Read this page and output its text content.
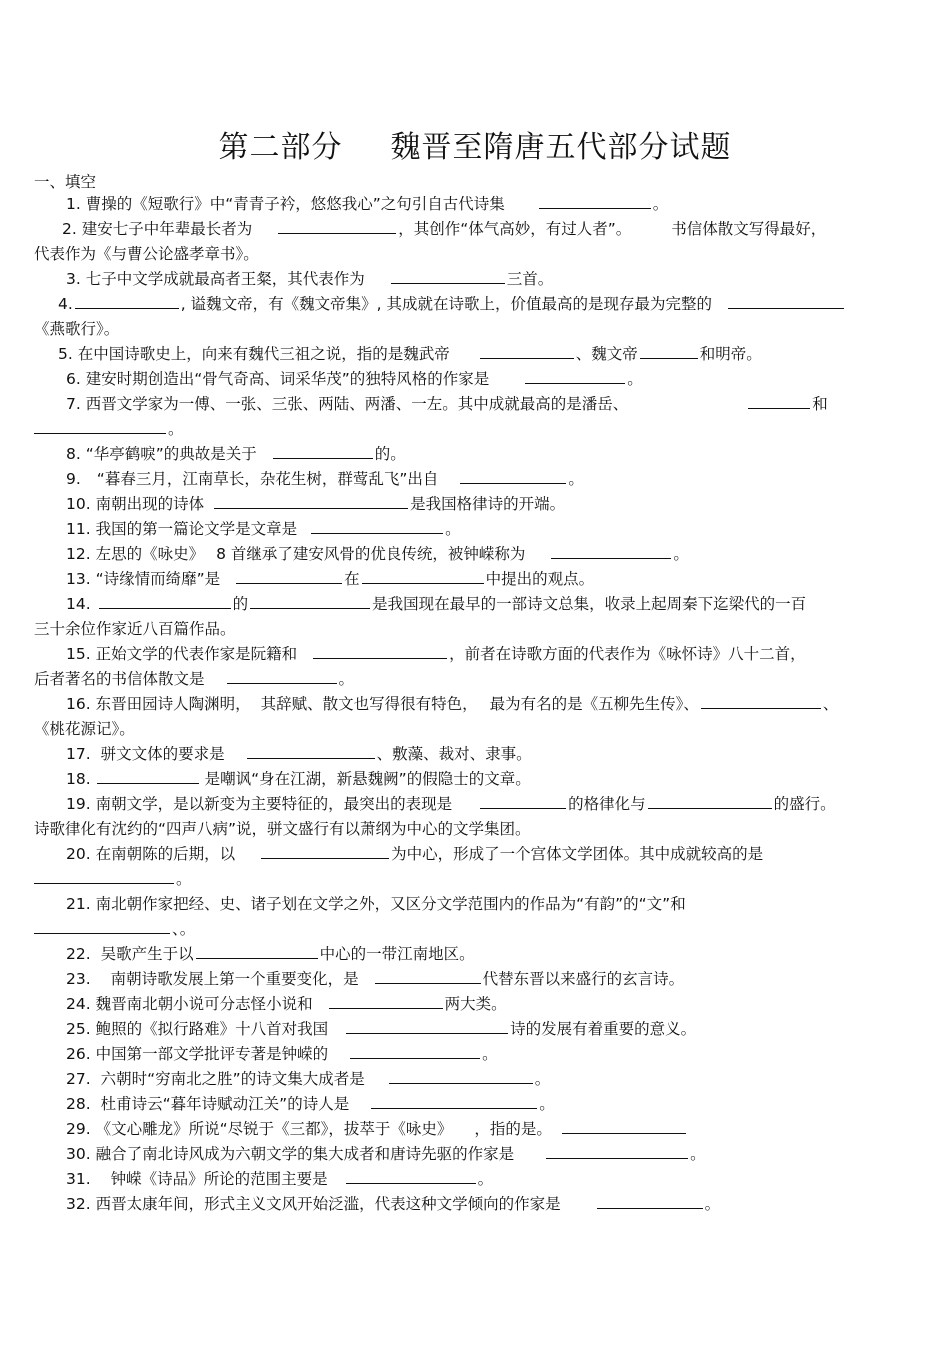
第二部分 魏晋至隋唐五代部分试题
一、填空
1. 曹操的《短歌行》中“青青子衿，悠悠我心”之句引自古代诗集	。
2. 建安七子中年辈最长者为	，其创作“体气高妙，有过人者”。	书信体散文写得最好，
代表作为《与曹公论盛孝章书》。
3. 七子中文学成就最高者王粲，其代表作为	三首。
4.	, 谥魏文帝，有《魏文帝集》, 其成就在诗歌上，价值最高的是现存最为完整的
《燕歌行》。
5. 在中国诗歌史上，向来有魏代三祖之说，指的是魏武帝	、魏文帝	和明帝。
6. 建安时期创造出“骨气奇高、词采华茂”的独特风格的作家是	。
7. 西晋文学家为一傅、一张、三张、两陆、两潘、一左。其中成就最高的是潘岳、	和
。
8. “华亭鹤唳”的典故是关于	的。
9. “暮春三月，江南草长，杂花生树，群莺乱飞”出自	。
10. 南朝出现的诗体	是我国格律诗的开端。
11. 我国的第一篇论文学是文章是	。
12. 左思的《咏史》 8 首继承了建安风骨的优良传统，被钟嵘称为	。
13. “诗缘情而绮靡”是	在	中提出的观点。
14.	的	是我国现在最早的一部诗文总集，收录上起周秦下迄梁代的一百
三十余位作家近八百篇作品。
15. 正始文学的代表作家是阮籍和	，前者在诗歌方面的代表作为《咏怀诗》八十二首，
后者著名的书信体散文是	。
16. 东晋田园诗人陶渊明， 其辞赋、散文也写得很有特色， 最为有名的是《五柳先生传》、	、
《桃花源记》。
17. 骈文文体的要求是	、敷藻、裁对、隶事。
18.	是嘲讽“身在江湖，新悬魏阙”的假隐士的文章。
19. 南朝文学，是以新变为主要特征的，最突出的表现是	的格律化与	的盛行。
诗歌律化有沈约的“四声八病”说，骈文盛行有以萧纲为中心的文学集团。
20. 在南朝陈的后期，以	为中心，形成了一个宫体文学团体。其中成就较高的是
。
21. 南北朝作家把经、史、诸子划在文学之外，又区分文学范围内的作品为“有韵”的“文”和
、。
22. 吴歌产生于以	中心的一带江南地区。
23. 南朝诗歌发展上第一个重要变化，是	代替东晋以来盛行的玄言诗。
24. 魏晋南北朝小说可分志怪小说和	两大类。
25. 鲍照的《拟行路难》十八首对我国	诗的发展有着重要的意义。
26. 中国第一部文学批评专著是钟嵘的	。
27. 六朝时“穷南北之胜”的诗文集大成者是	。
28. 杜甫诗云“暮年诗赋动江关”的诗人是	。
29. 《文心雕龙》所说“尽锐于《三都》，拔萃于《咏史》 ，指的是。
30. 融合了南北诗风成为六朝文学的集大成者和唐诗先驱的作家是	。
31. 钟嵘《诗品》所论的范围主要是	。
32. 西晋太康年间，形式主义文风开始泛滥，代表这种文学倾向的作家是	。
